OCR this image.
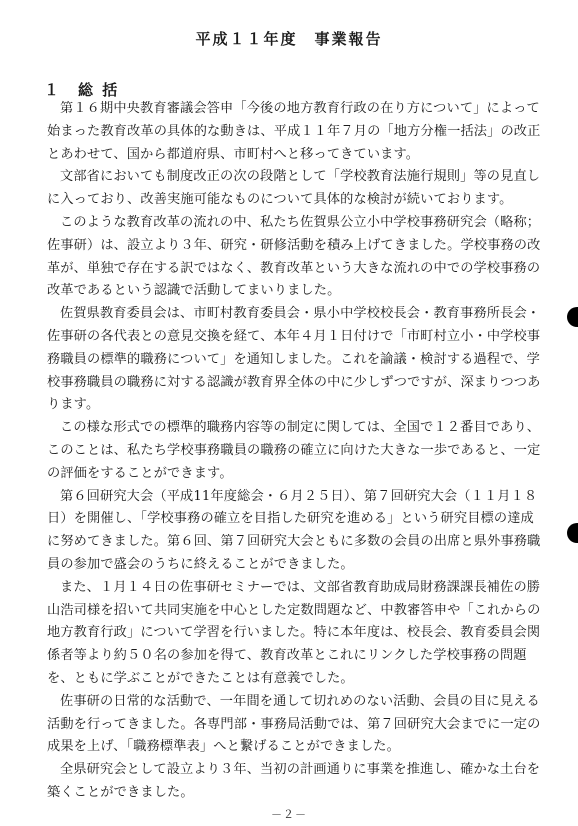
平成１１年度　事業報告
１　総 括

第１６期中央教育審議会答申「今後の地方教育行政の在り方について」によって始まった教育改革の具体的な動きは、平成１１年７月の「地方分権一括法」の改正とあわせて、国から都道府県、市町村へと移ってきています。

文部省においても制度改正の次の段階として「学校教育法施行規則」等の見直しに入っており、改善実施可能なものについて具体的な検討が続いております。

このような教育改革の流れの中、私たち佐賀県公立小中学校事務研究会（略称；佐事研）は、設立より３年、研究・研修活動を積み上げてきました。学校事務の改革が、単独で存在する訳ではなく、教育改革という大きな流れの中での学校事務の改革であるという認識で活動してまいりました。

佐賀県教育委員会は、市町村教育委員会・県小中学校校長会・教育事務所長会・佐事研の各代表との意見交換を経て、本年４月１日付けで「市町村立小・中学校事務職員の標準的職務について」を通知しました。これを論議・検討する過程で、学校事務職員の職務に対する認識が教育界全体の中に少しずつですが、深まりつつあります。

この様な形式での標準的職務内容等の制定に関しては、全国で１２番目であり、このことは、私たち学校事務職員の職務の確立に向けた大きな一歩であると、一定の評価をすることができます。

第６回研究大会（平成11年度総会・６月２５日）、第７回研究大会（１１月１８日）を開催し、「学校事務の確立を目指した研究を進める」という研究目標の達成に努めてきました。第６回、第７回研究大会ともに多数の会員の出席と県外事務職員の参加で盛会のうちに終えることができました。

また、１月１４日の佐事研セミナーでは、文部省教育助成局財務課課長補佐の勝山浩司様を招いて共同実施を中心とした定数問題など、中教審答申や「これからの地方教育行政」について学習を行いました。特に本年度は、校長会、教育委員会関係者等より約５０名の参加を得て、教育改革とこれにリンクした学校事務の問題を、ともに学ぶことができたことは有意義でした。

佐事研の日常的な活動で、一年間を通して切れめのない活動、会員の目に見える活動を行ってきました。各専門部・事務局活動では、第７回研究大会までに一定の成果を上げ、「職務標準表」へと繋げることができました。

全県研究会として設立より３年、当初の計画通りに事業を推進し、確かな土台を築くことができました。

－２－
